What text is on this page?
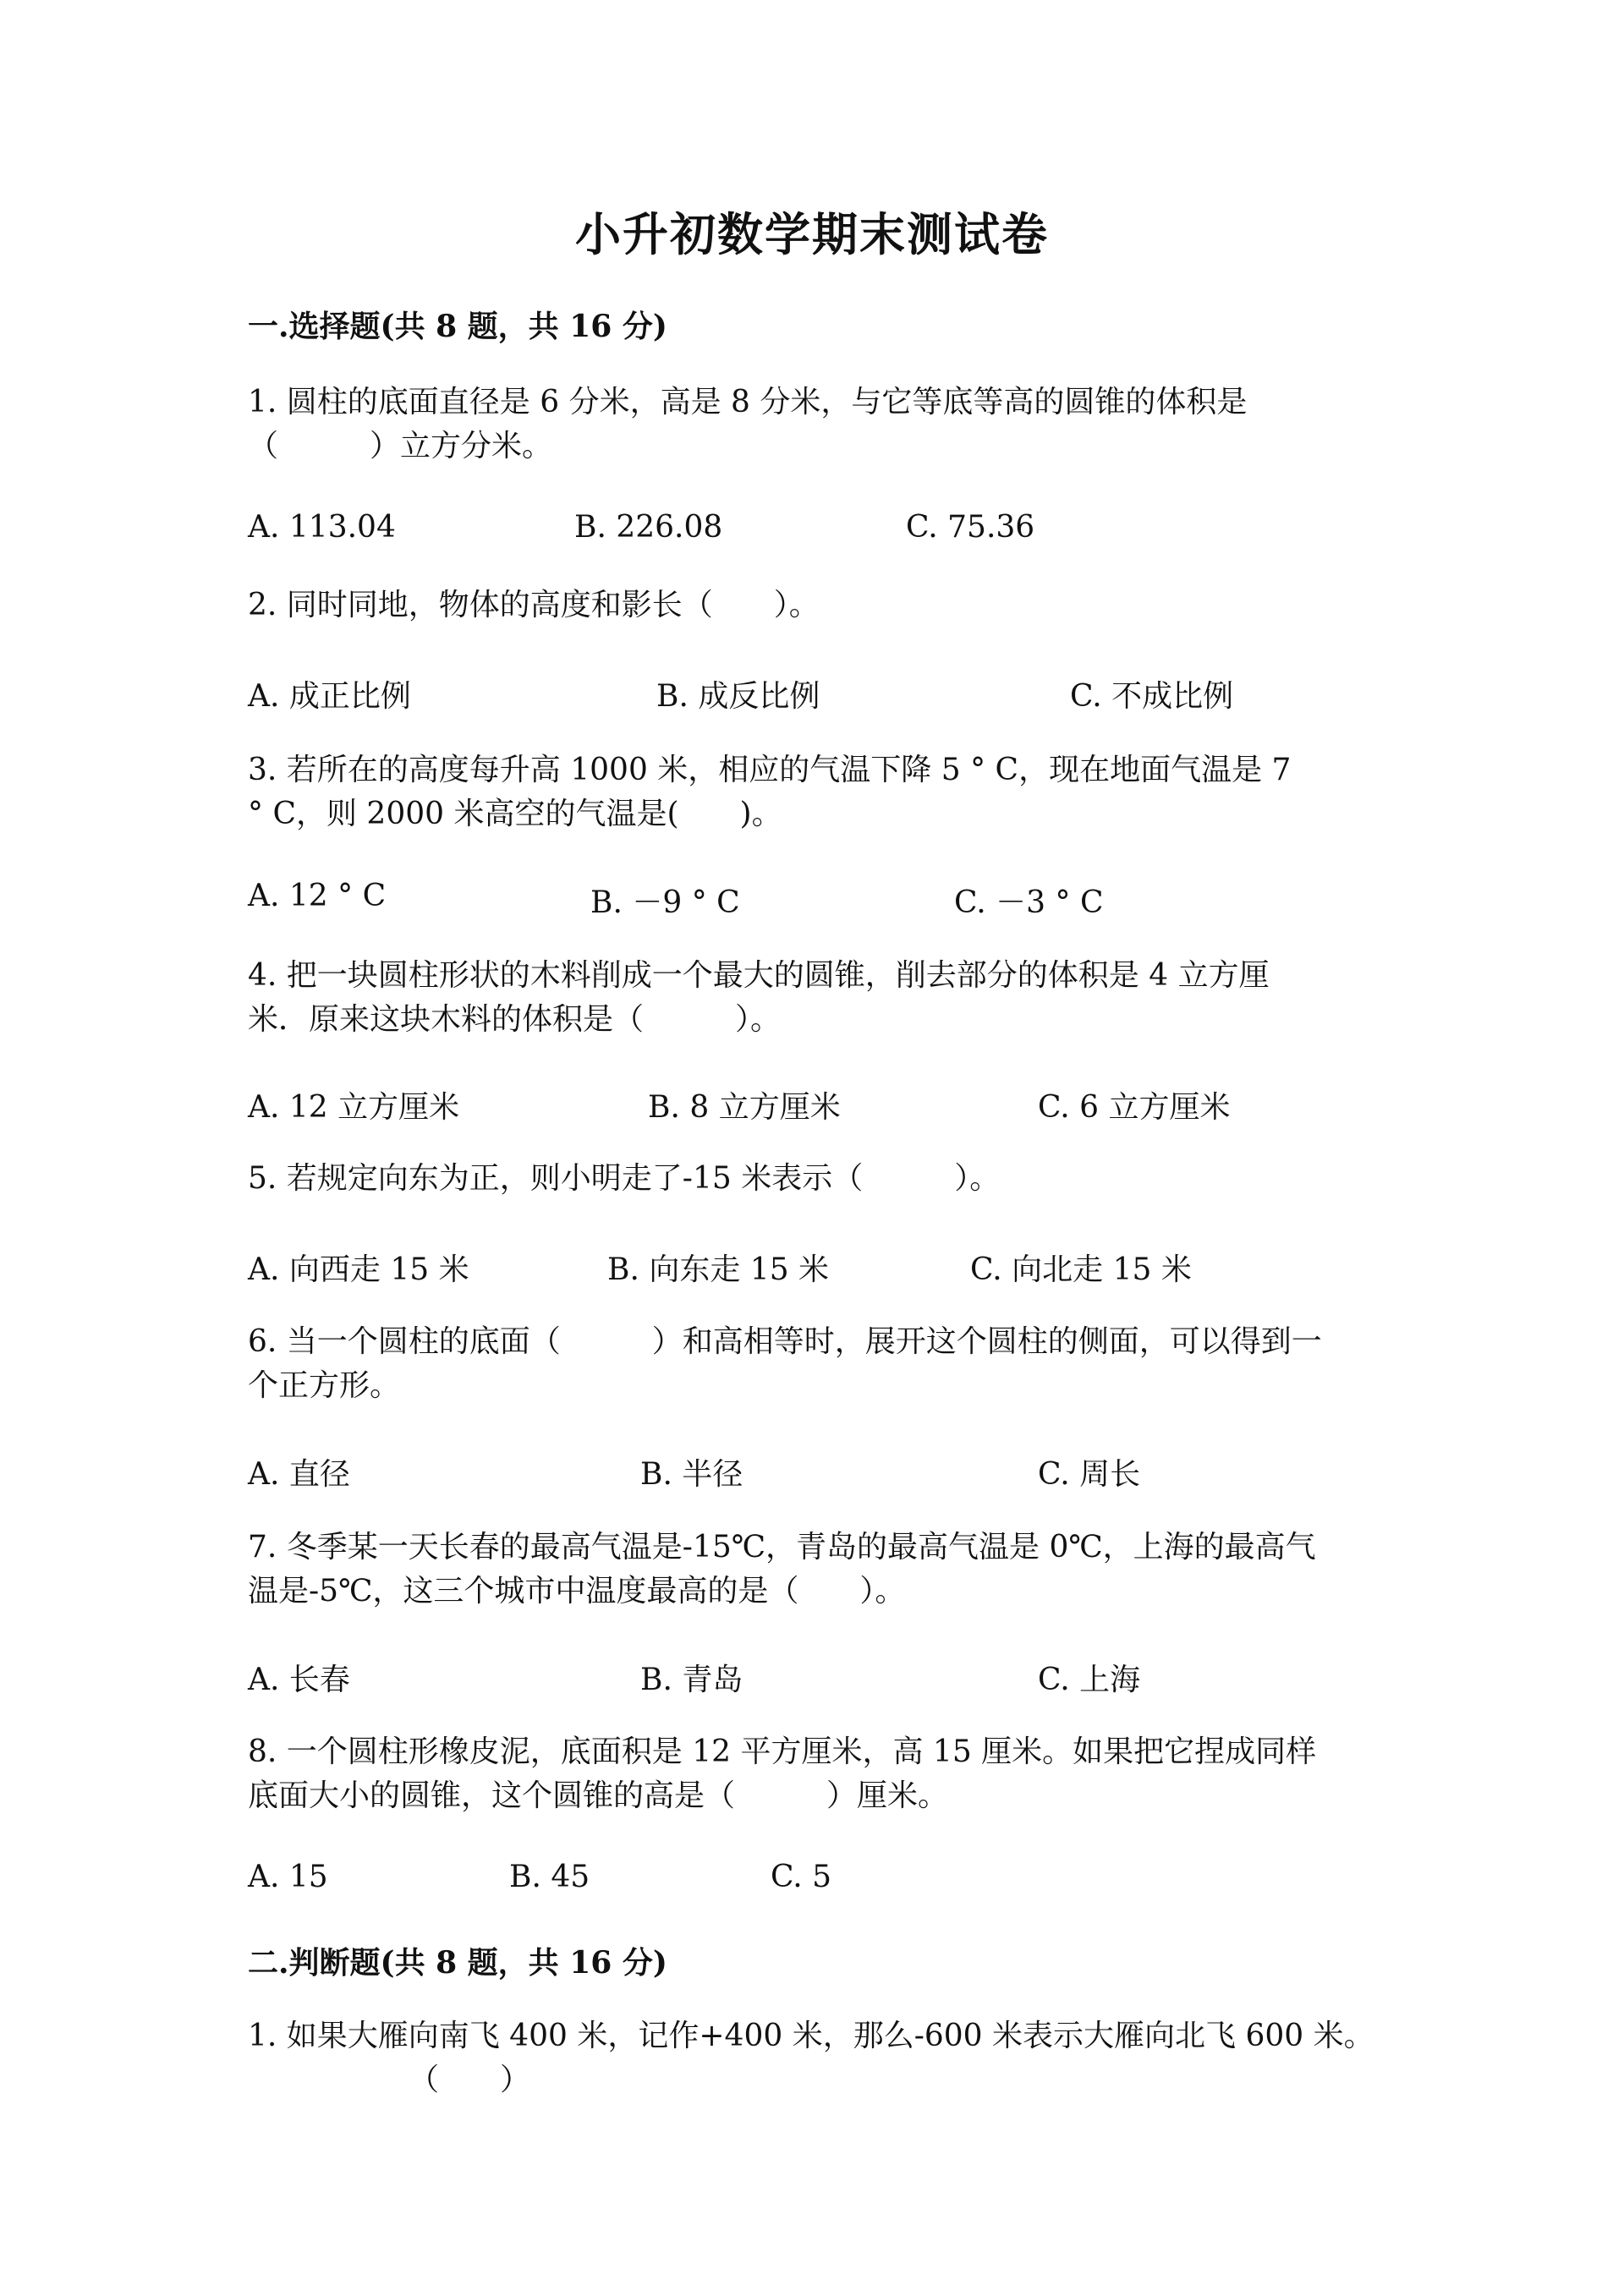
小升初数学期末测试卷
一.选择题(共 8 题，共 16 分)
1. 圆柱的底面直径是 6 分米，高是 8 分米，与它等底等高的圆锥的体积是
（　　　）立方分米。
A. 113.04	B. 226.08	C. 75.36
2. 同时同地，物体的高度和影长（　　）。
A. 成正比例	B. 成反比例	C. 不成比例
3. 若所在的高度每升高 1000 米，相应的气温下降 5 ° C，现在地面气温是 7
° C，则 2000 米高空的气温是(　　)。
A. 12 ° C	B. －9 ° C	C. －3 ° C
4. 把一块圆柱形状的木料削成一个最大的圆锥，削去部分的体积是 4 立方厘
米．原来这块木料的体积是（　　　）。
A. 12 立方厘米	B. 8 立方厘米	C. 6 立方厘米
5. 若规定向东为正，则小明走了-15 米表示（　　　）。
A. 向西走 15 米	B. 向东走 15 米	C. 向北走 15 米
6. 当一个圆柱的底面（　　　）和高相等时，展开这个圆柱的侧面，可以得到一
个正方形。
A. 直径	B. 半径	C. 周长
7. 冬季某一天长春的最高气温是-15℃，青岛的最高气温是 0℃，上海的最高气
温是-5℃，这三个城市中温度最高的是（　　）。
A. 长春	B. 青岛	C. 上海
8. 一个圆柱形橡皮泥，底面积是 12 平方厘米，高 15 厘米。如果把它捏成同样
底面大小的圆锥，这个圆锥的高是（　　　）厘米。
A. 15	B. 45	C. 5
二.判断题(共 8 题，共 16 分)
1. 如果大雁向南飞 400 米，记作+400 米，那么-600 米表示大雁向北飞 600 米。
（　　）
